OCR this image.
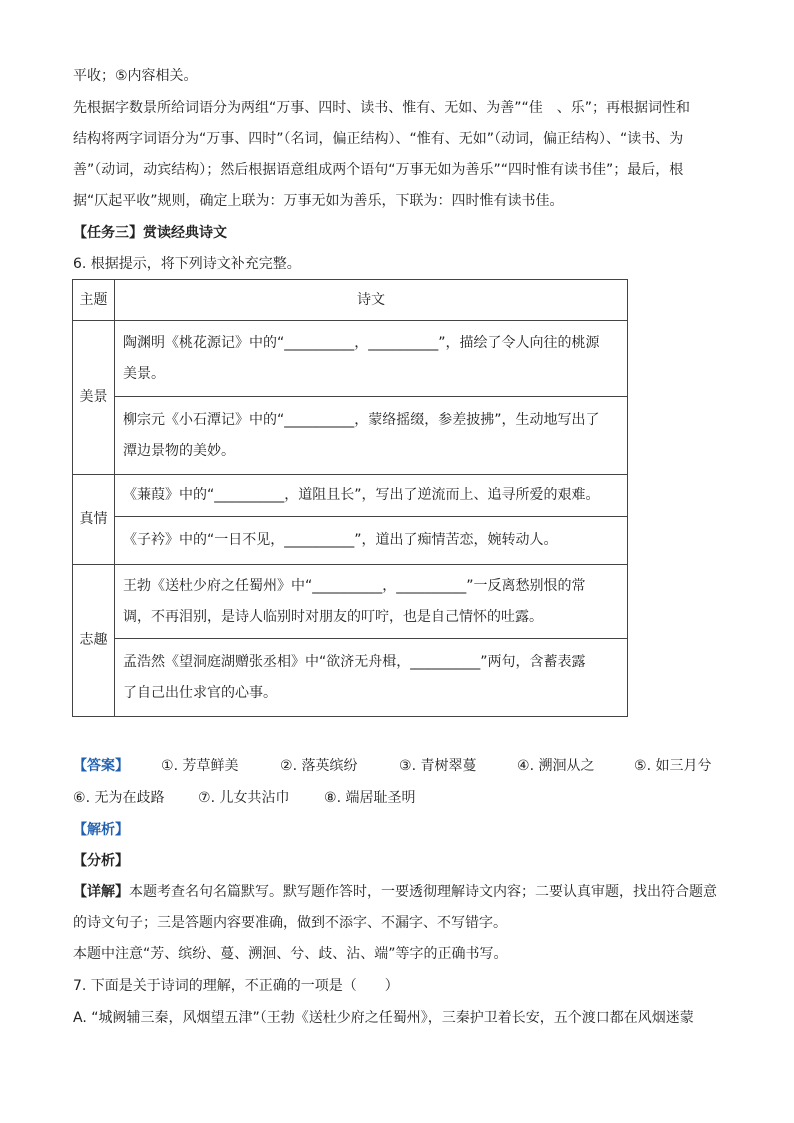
平收；⑤内容相关。
先根据字数景所给词语分为两组“万事、四时、读书、惟有、无如、为善”“佳　、乐”；再根据词性和
结构将两字词语分为“万事、四时”（名词，偏正结构）、“惟有、无如”（动词，偏正结构）、“读书、为
善”（动词，动宾结构）；然后根据语意组成两个语句“万事无如为善乐”“四时惟有读书佳”；最后，根
据“仄起平收”规则，确定上联为：万事无如为善乐，下联为：四时惟有读书佳。
【任务三】赏读经典诗文
6. 根据提示，将下列诗文补充完整。
主题	诗文
美景	陶渊明《桃花源记》中的“__________，__________”，描绘了令人向往的桃源
美景。

	柳宗元《小石潭记》中的“__________，蒙络摇缀，参差披拂”，生动地写出了
潭边景物的美妙。

真情	《蒹葭》中的“__________，道阻且长”，写出了逆流而上、追寻所爱的艰难。

	《子衿》中的“一日不见，__________”，道出了痴情苦恋，婉转动人。

志趣	王勃《送杜少府之任蜀州》中“__________，__________”一反离愁别恨的常
调，不再泪别，是诗人临别时对朋友的叮咛，也是自己情怀的吐露。

	孟浩然《望洞庭湖赠张丞相》中“欲济无舟楫，__________”两句，含蓄表露
了自己出仕求官的心事。
【答案】 ①. 芳草鲜美	②. 落英缤纷	③. 青树翠蔓	④. 溯洄从之	⑤. 如三月兮
⑥. 无为在歧路 ⑦. 儿女共沾巾 ⑧. 端居耻圣明
【解析】
【分析】
【详解】本题考查名句名篇默写。默写题作答时，一要透彻理解诗文内容；二要认真审题，找出符合题意
的诗文句子；三是答题内容要准确，做到不添字、不漏字、不写错字。
本题中注意“芳、缤纷、蔓、溯洄、兮、歧、沾、端”等字的正确书写。
7. 下面是关于诗词的理解，不正确的一项是（　　）
A. “城阙辅三秦，风烟望五津”（王勃《送杜少府之任蜀州》，三秦护卫着长安，五个渡口都在风烟迷蒙
